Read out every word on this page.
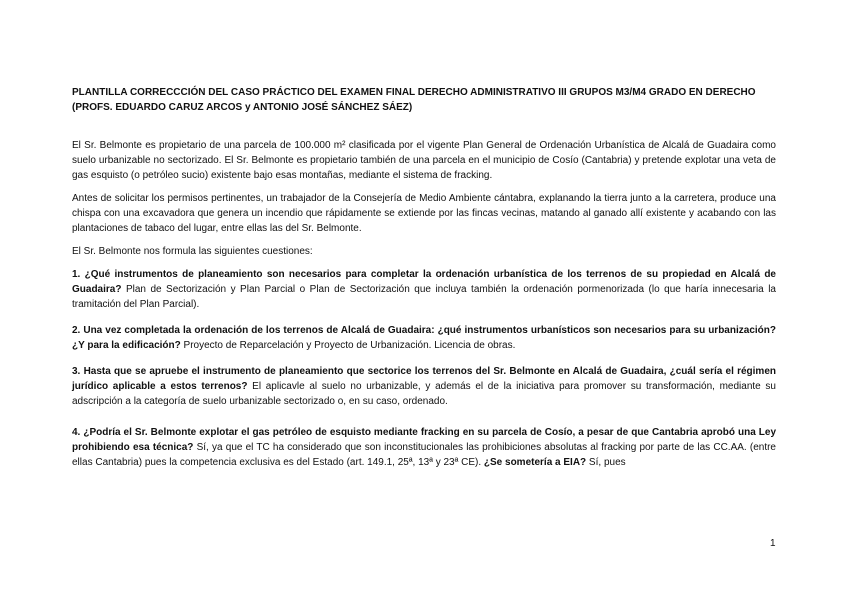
PLANTILLA CORRECCCIÓN DEL CASO PRÁCTICO DEL EXAMEN FINAL DERECHO ADMINISTRATIVO III GRUPOS M3/M4 GRADO EN DERECHO (PROFS. EDUARDO CARUZ ARCOS y ANTONIO JOSÉ SÁNCHEZ SÁEZ)

El Sr. Belmonte es propietario de una parcela de 100.000 m² clasificada por el vigente Plan General de Ordenación Urbanística de Alcalá de Guadaira como suelo urbanizable no sectorizado. El Sr. Belmonte es propietario también de una parcela en el municipio de Cosío (Cantabria) y pretende explotar una veta de gas esquisto (o petróleo sucio) existente bajo esas montañas, mediante el sistema de fracking.

Antes de solicitar los permisos pertinentes, un trabajador de la Consejería de Medio Ambiente cántabra, explanando la tierra junto a la carretera, produce una chispa con una excavadora que genera un incendio que rápidamente se extiende por las fincas vecinas, matando al ganado allí existente y acabando con las plantaciones de tabaco del lugar, entre ellas las del Sr. Belmonte.

El Sr. Belmonte nos formula las siguientes cuestiones:

1. ¿Qué instrumentos de planeamiento son necesarios para completar la ordenación urbanística de los terrenos de su propiedad en Alcalá de Guadaira? Plan de Sectorización y Plan Parcial o Plan de Sectorización que incluya también la ordenación pormenorizada (lo que haría innecesaria la tramitación del Plan Parcial).

2. Una vez completada la ordenación de los terrenos de Alcalá de Guadaira: ¿qué instrumentos urbanísticos son necesarios para su urbanización? ¿Y para la edificación? Proyecto de Reparcelación y Proyecto de Urbanización. Licencia de obras.

3. Hasta que se apruebe el instrumento de planeamiento que sectorice los terrenos del Sr. Belmonte en Alcalá de Guadaira, ¿cuál sería el régimen jurídico aplicable a estos terrenos? El aplicavle al suelo no urbanizable, y además el de la iniciativa para promover su transformación, mediante su adscripción a la categoría de suelo urbanizable sectorizado o, en su caso, ordenado.

4. ¿Podría el Sr. Belmonte explotar el gas petróleo de esquisto mediante fracking en su parcela de Cosío, a pesar de que Cantabria aprobó una Ley prohibiendo esa técnica? Sí, ya que el TC ha considerado que son inconstitucionales las prohibiciones absolutas al fracking por parte de las CC.AA. (entre ellas Cantabria) pues la competencia exclusiva es del Estado (art. 149.1, 25ª, 13ª y 23ª CE). ¿Se sometería a EIA? Sí, pues

1
